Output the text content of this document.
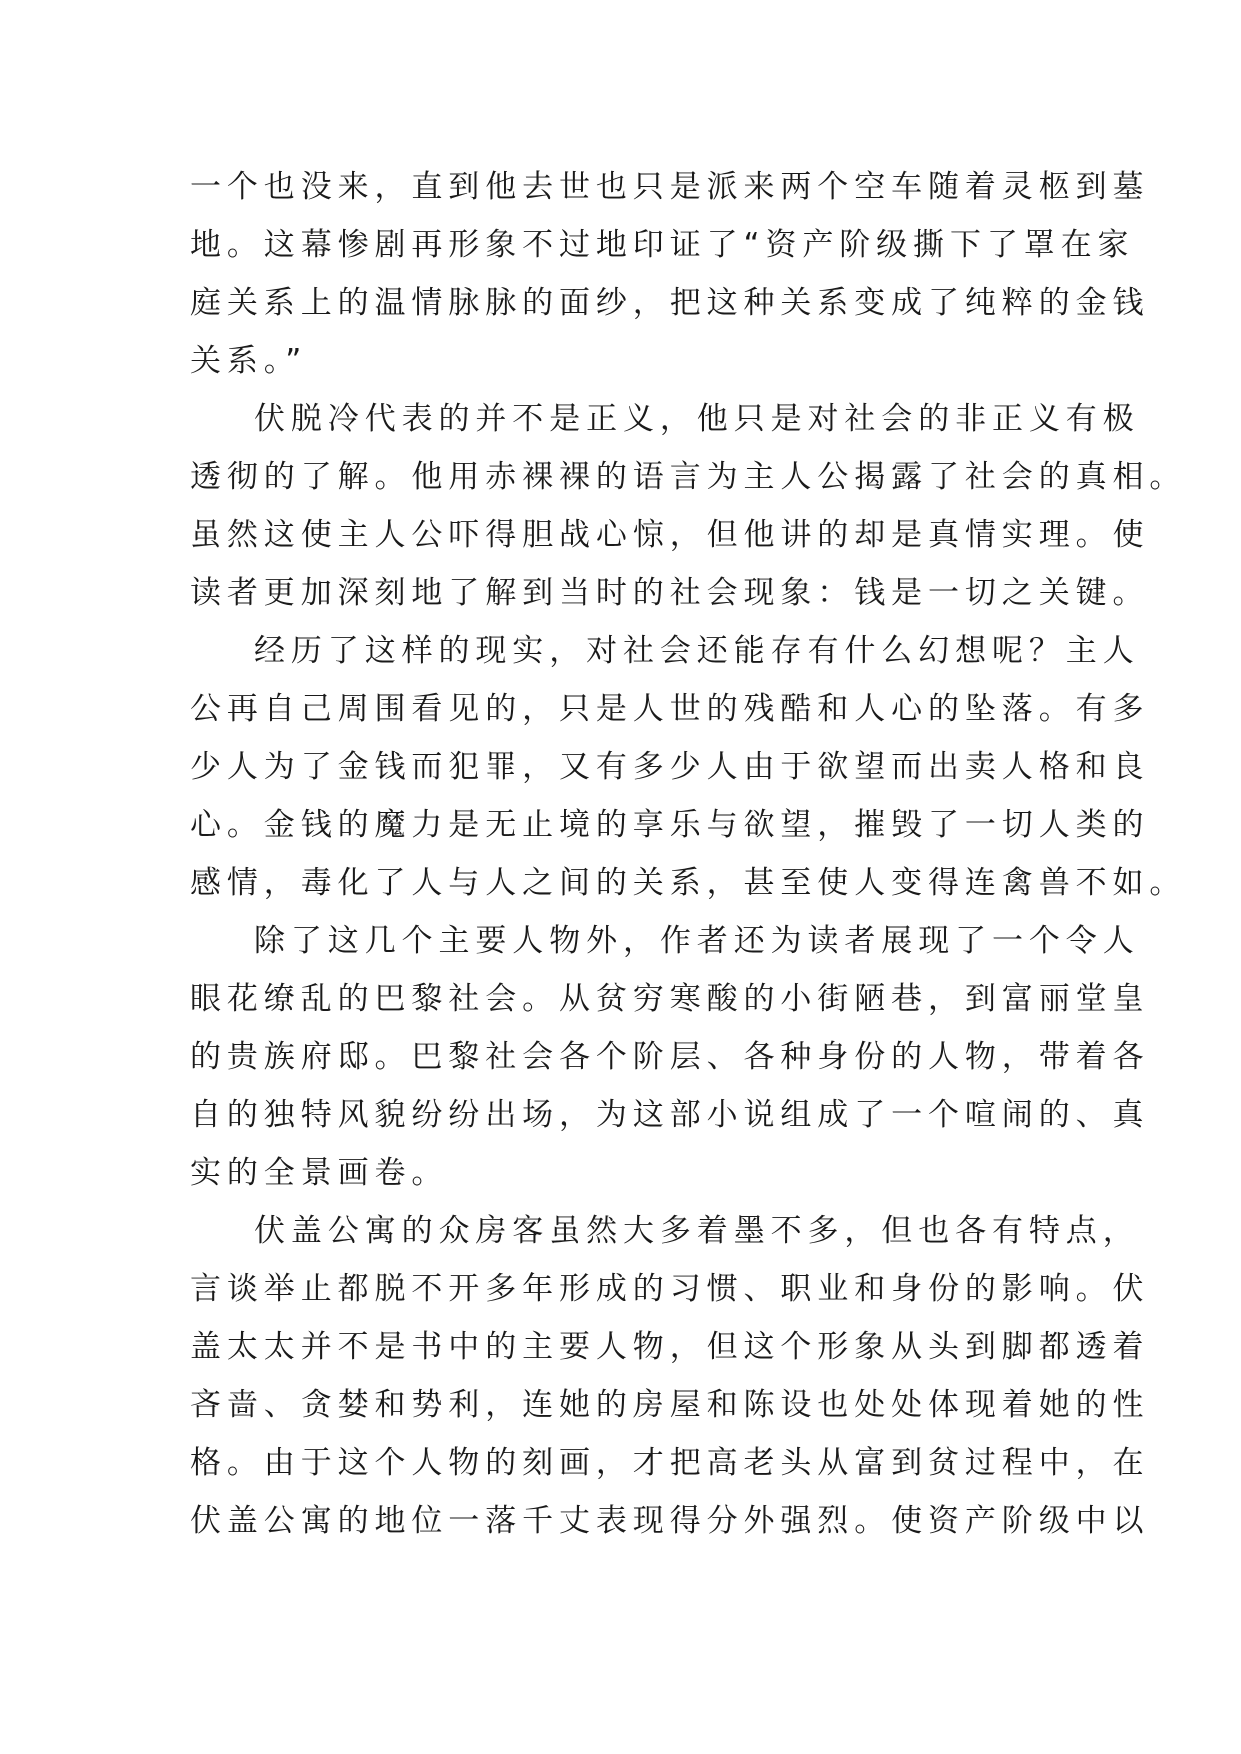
一个也没来，直到他去世也只是派来两个空车随着灵柩到墓
地。这幕惨剧再形象不过地印证了“资产阶级撕下了罩在家
庭关系上的温情脉脉的面纱，把这种关系变成了纯粹的金钱
关系。”
伏脱冷代表的并不是正义，他只是对社会的非正义有极
透彻的了解。他用赤裸裸的语言为主人公揭露了社会的真相。
虽然这使主人公吓得胆战心惊，但他讲的却是真情实理。使
读者更加深刻地了解到当时的社会现象：钱是一切之关键。
经历了这样的现实，对社会还能存有什么幻想呢？主人
公再自己周围看见的，只是人世的残酷和人心的坠落。有多
少人为了金钱而犯罪，又有多少人由于欲望而出卖人格和良
心。金钱的魔力是无止境的享乐与欲望，摧毁了一切人类的
感情，毒化了人与人之间的关系，甚至使人变得连禽兽不如。
除了这几个主要人物外，作者还为读者展现了一个令人
眼花缭乱的巴黎社会。从贫穷寒酸的小街陋巷，到富丽堂皇
的贵族府邸。巴黎社会各个阶层、各种身份的人物，带着各
自的独特风貌纷纷出场，为这部小说组成了一个喧闹的、真
实的全景画卷。
伏盖公寓的众房客虽然大多着墨不多，但也各有特点，
言谈举止都脱不开多年形成的习惯、职业和身份的影响。伏
盖太太并不是书中的主要人物，但这个形象从头到脚都透着
吝啬、贪婪和势利，连她的房屋和陈设也处处体现着她的性
格。由于这个人物的刻画，才把高老头从富到贫过程中，在
伏盖公寓的地位一落千丈表现得分外强烈。使资产阶级中以
